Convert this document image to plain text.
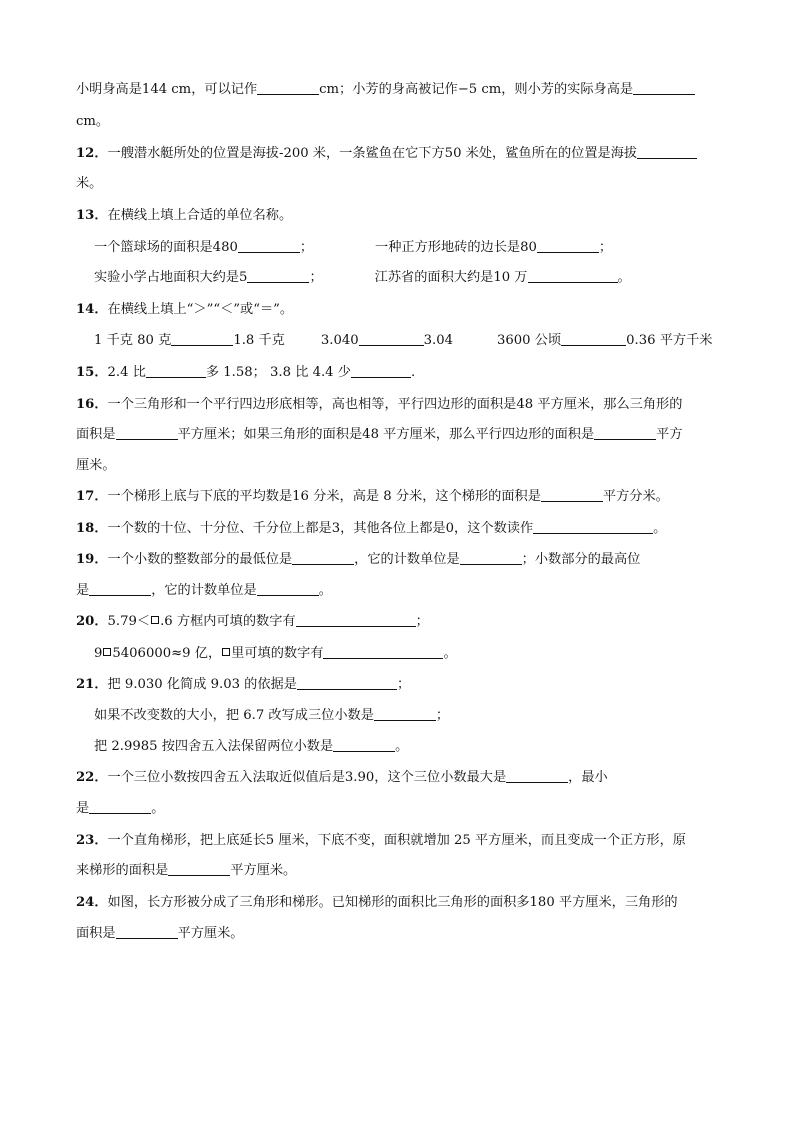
小明身高是144 cm，可以记作	cm；小芳的身高被记作−5 cm，则小芳的实际身高是
cm。
12．一艘潜水艇所处的位置是海拔-200 米，一条鲨鱼在它下方50 米处，鲨鱼所在的位置是海拔
米。
13．在横线上填上合适的单位名称。
一个篮球场的面积是480	；	一种正方形地砖的边长是80	；
实验小学占地面积大约是5	；	江苏省的面积大约是10 万	。
14．在横线上填上“＞”“＜”或“＝”。
1 千克 80 克	1.8 千克	3.040	3.04	3600 公顷	0.36 平方千米
15．2.4 比	多 1.58； 3.8 比 4.4 少	.
16．一个三角形和一个平行四边形底相等，高也相等，平行四边形的面积是48 平方厘米，那么三角形的
面积是	平方厘米；如果三角形的面积是48 平方厘米，那么平行四边形的面积是	平方
厘米。
17．一个梯形上底与下底的平均数是16 分米，高是 8 分米，这个梯形的面积是	平方分米。
18．一个数的十位、十分位、千分位上都是3，其他各位上都是0，这个数读作	。
19．一个小数的整数部分的最低位是	，它的计数单位是	；小数部分的最高位
是	，它的计数单位是	。
20．5.79＜ .6 方框内可填的数字有	；
9 5406000≈9 亿， 里可填的数字有	。
21．把 9.030 化简成 9.03 的依据是	；
如果不改变数的大小，把 6.7 改写成三位小数是	；
把 2.9985 按四舍五入法保留两位小数是	。
22．一个三位小数按四舍五入法取近似值后是3.90，这个三位小数最大是	，最小
是	。
23．一个直角梯形，把上底延长5 厘米，下底不变，面积就增加 25 平方厘米，而且变成一个正方形，原
来梯形的面积是	平方厘米。
24．如图，长方形被分成了三角形和梯形。已知梯形的面积比三角形的面积多180 平方厘米，三角形的
面积是	平方厘米。
